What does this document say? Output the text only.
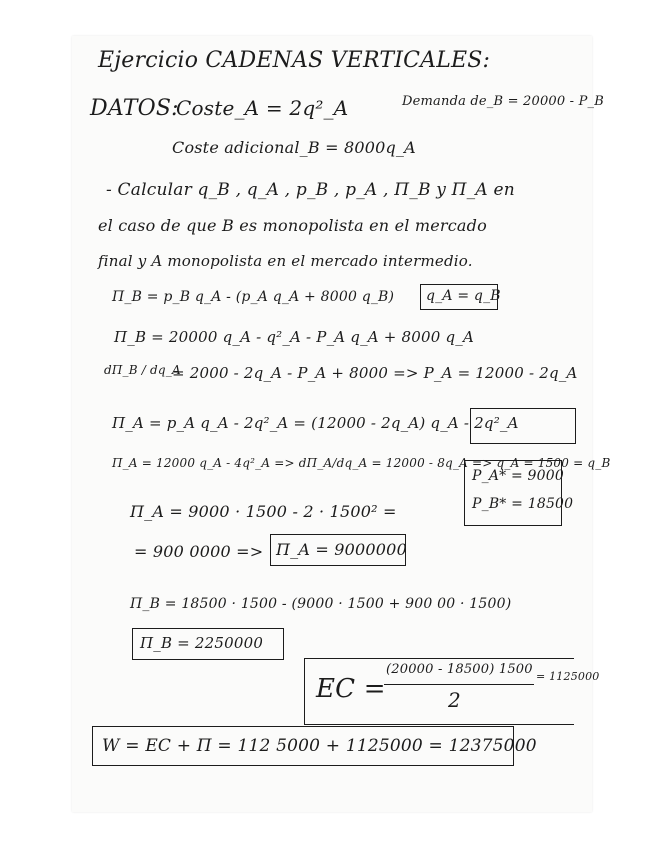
Ejercicio CADENAS VERTICALES:
DATOS:
Coste_A = 2q²_A	Demanda de_B = 20000 - P_B
Coste adicional_B = 8000q_A
- Calcular q_B , q_A , p_B , p_A , Π_B y Π_A en
el caso de que B es monopolista en el mercado
final y A monopolista en el mercado intermedio.
Π_B = p_B q_A - (p_A q_A + 8000 q_B) q_A = q_B
Π_B = 20000 q_A - q²_A - P_A q_A + 8000 q_A
dΠ_B / dq_A
= 2000 - 2q_A - P_A + 8000 => P_A = 12000 - 2q_A
Π_A = p_A q_A - 2q²_A = (12000 - 2q_A) q_A - 2q²_A
Π_A = 12000 q_A - 4q²_A => dΠ_A/dq_A = 12000 - 8q_A => q_A = 1500 = q_B
P_A* = 9000
P_B* = 18500
Π_A = 9000 · 1500 - 2 · 1500² =
= 900 0000 => Π_A = 9000000
Π_B = 18500 · 1500 - (9000 · 1500 + 900 00 · 1500)
Π_B = 2250000
EC =
(20000 - 18500) 1500
2
= 1125000
W = EC + Π = 112 5000 + 1125000 = 12375000
